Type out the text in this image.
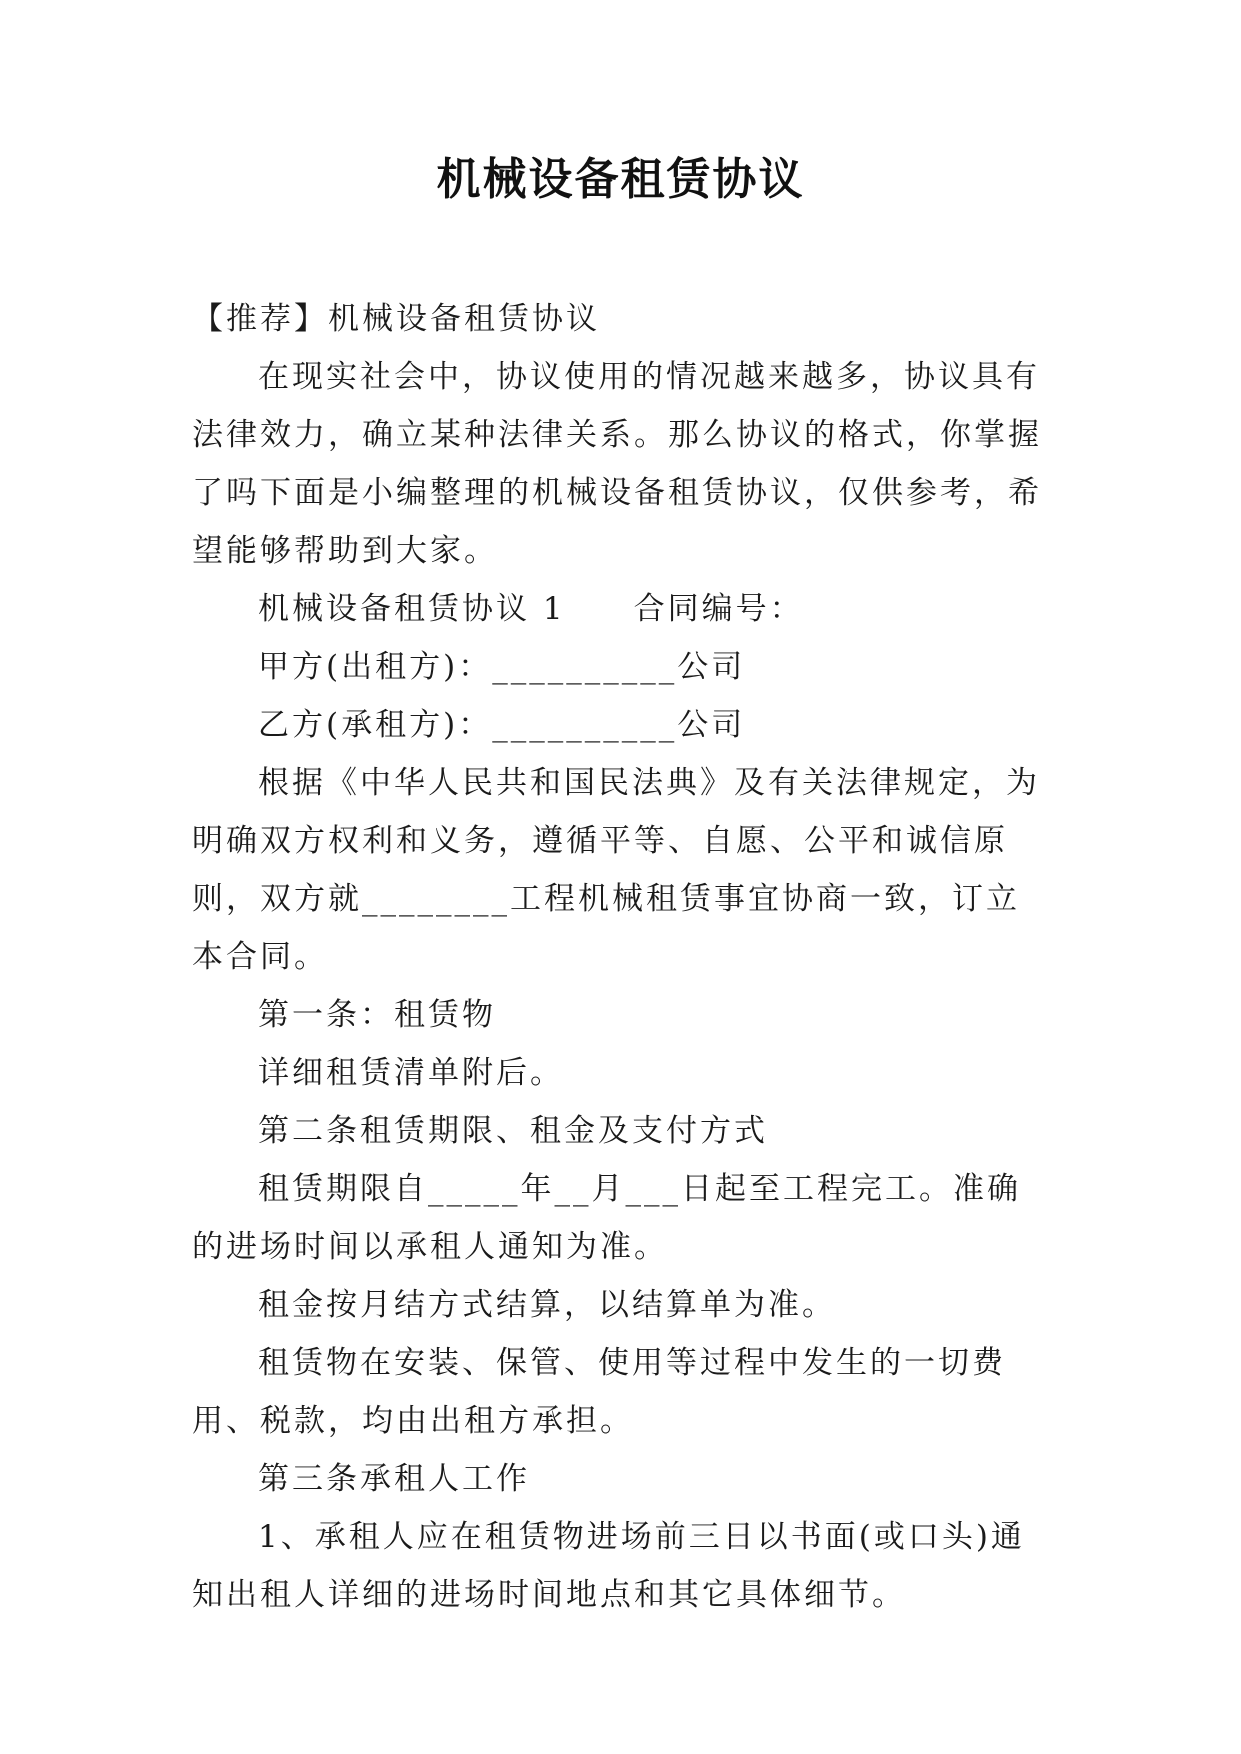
机械设备租赁协议

【推荐】机械设备租赁协议

在现实社会中，协议使用的情况越来越多，协议具有法律效力，确立某种法律关系。那么协议的格式，你掌握了吗下面是小编整理的机械设备租赁协议，仅供参考，希望能够帮助到大家。

机械设备租赁协议 1　　合同编号：

甲方(出租方)：__________公司

乙方(承租方)：__________公司

根据《中华人民共和国民法典》及有关法律规定，为明确双方权利和义务，遵循平等、自愿、公平和诚信原则，双方就________工程机械租赁事宜协商一致，订立本合同。

第一条：租赁物

详细租赁清单附后。

第二条租赁期限、租金及支付方式

租赁期限自_____年__月___日起至工程完工。准确的进场时间以承租人通知为准。

租金按月结方式结算，以结算单为准。

租赁物在安装、保管、使用等过程中发生的一切费用、税款，均由出租方承担。

第三条承租人工作

1、承租人应在租赁物进场前三日以书面(或口头)通知出租人详细的进场时间地点和其它具体细节。
